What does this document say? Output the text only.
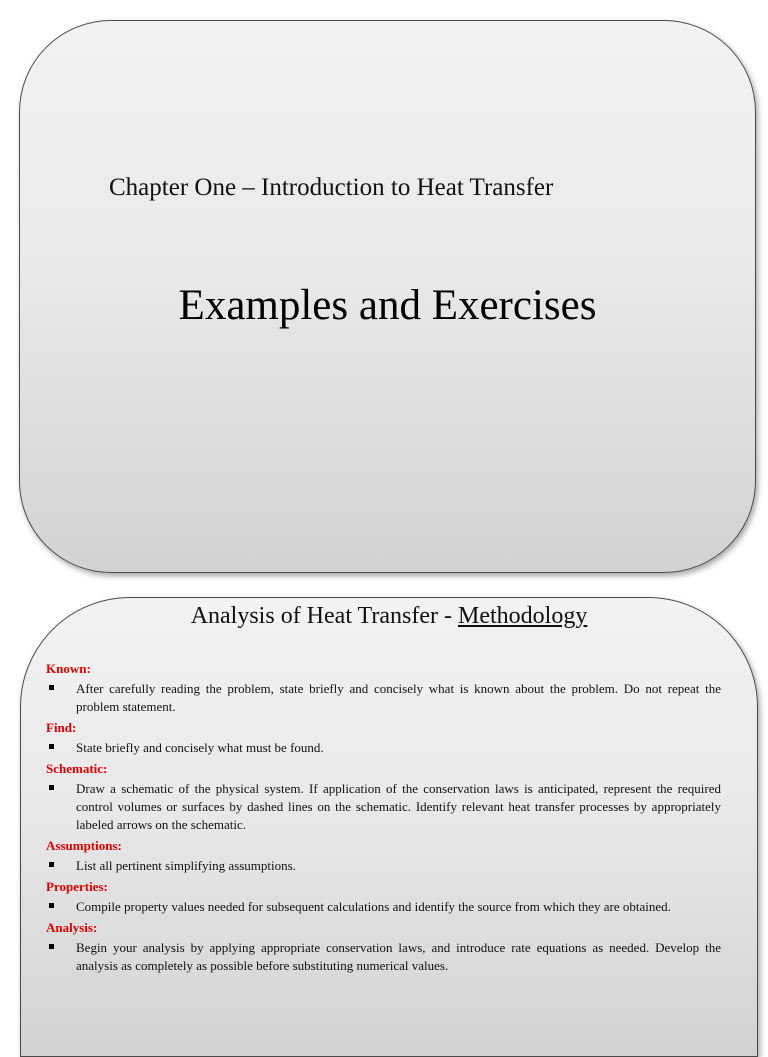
Chapter One – Introduction to Heat Transfer
Examples and Exercises
Analysis of Heat Transfer - Methodology
Known:
After carefully reading the problem, state briefly and concisely what is known about the problem. Do not repeat the problem statement.
Find:
State briefly and concisely what must be found.
Schematic:
Draw a schematic of the physical system. If application of the conservation laws is anticipated, represent the required control volumes or surfaces by dashed lines on the schematic. Identify relevant heat transfer processes by appropriately labeled arrows on the schematic.
Assumptions:
List all pertinent simplifying assumptions.
Properties:
Compile property values needed for subsequent calculations and identify the source from which they are obtained.
Analysis:
Begin your analysis by applying appropriate conservation laws, and introduce rate equations as needed. Develop the analysis as completely as possible before substituting numerical values.
